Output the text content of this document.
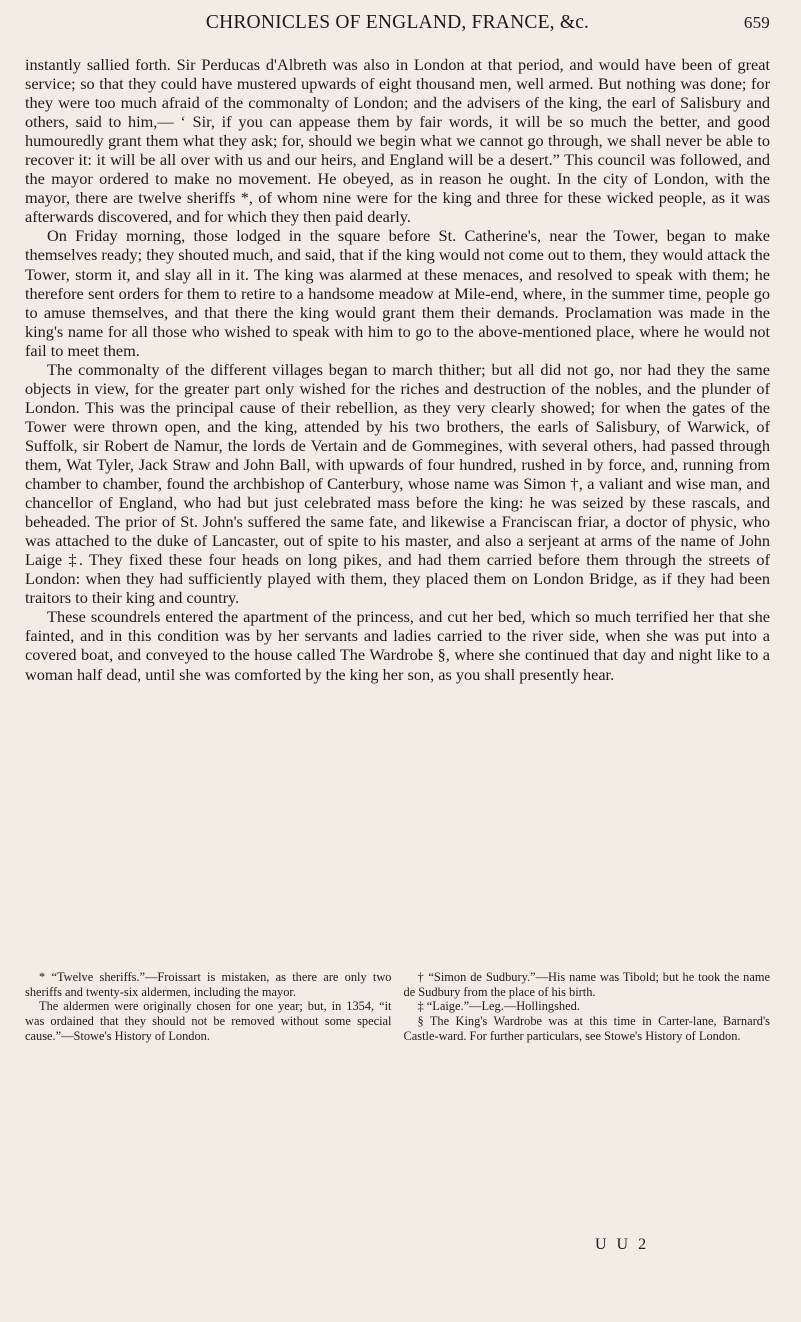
CHRONICLES OF ENGLAND, FRANCE, &c.	659

instantly sallied forth. Sir Perducas d'Albreth was also in London at that period, and would have been of great service; so that they could have mustered upwards of eight thousand men, well armed. But nothing was done; for they were too much afraid of the commonalty of London; and the advisers of the king, the earl of Salisbury and others, said to him,— ‘ Sir, if you can appease them by fair words, it will be so much the better, and good humouredly grant them what they ask; for, should we begin what we cannot go through, we shall never be able to recover it: it will be all over with us and our heirs, and England will be a desert.” This council was followed, and the mayor ordered to make no movement. He obeyed, as in reason he ought. In the city of London, with the mayor, there are twelve sheriffs *, of whom nine were for the king and three for these wicked people, as it was afterwards discovered, and for which they then paid dearly.

On Friday morning, those lodged in the square before St. Catherine's, near the Tower, began to make themselves ready; they shouted much, and said, that if the king would not come out to them, they would attack the Tower, storm it, and slay all in it. The king was alarmed at these menaces, and resolved to speak with them; he therefore sent orders for them to retire to a handsome meadow at Mile-end, where, in the summer time, people go to amuse themselves, and that there the king would grant them their demands. Proclamation was made in the king's name for all those who wished to speak with him to go to the above-mentioned place, where he would not fail to meet them.

The commonalty of the different villages began to march thither; but all did not go, nor had they the same objects in view, for the greater part only wished for the riches and destruction of the nobles, and the plunder of London. This was the principal cause of their rebellion, as they very clearly showed; for when the gates of the Tower were thrown open, and the king, attended by his two brothers, the earls of Salisbury, of Warwick, of Suffolk, sir Robert de Namur, the lords de Vertain and de Gommegines, with several others, had passed through them, Wat Tyler, Jack Straw and John Ball, with upwards of four hundred, rushed in by force, and, running from chamber to chamber, found the archbishop of Canterbury, whose name was Simon †, a valiant and wise man, and chancellor of England, who had but just celebrated mass before the king: he was seized by these rascals, and beheaded. The prior of St. John's suffered the same fate, and likewise a Franciscan friar, a doctor of physic, who was attached to the duke of Lancaster, out of spite to his master, and also a serjeant at arms of the name of John Laige ‡. They fixed these four heads on long pikes, and had them carried before them through the streets of London: when they had sufficiently played with them, they placed them on London Bridge, as if they had been traitors to their king and country.

These scoundrels entered the apartment of the princess, and cut her bed, which so much terrified her that she fainted, and in this condition was by her servants and ladies carried to the river side, when she was put into a covered boat, and conveyed to the house called The Wardrobe §, where she continued that day and night like to a woman half dead, until she was comforted by the king her son, as you shall presently hear.

* “Twelve sheriffs.”—Froissart is mistaken, as there are only two sheriffs and twenty-six aldermen, including the mayor.

The aldermen were originally chosen for one year; but, in 1354, “it was ordained that they should not be removed without some special cause.”—Stowe's History of London.

† “Simon de Sudbury.”—His name was Tibold; but he took the name de Sudbury from the place of his birth.

‡ “Laige.”—Leg.—Hollingshed.

§ The King's Wardrobe was at this time in Carter-lane, Barnard's Castle-ward. For further particulars, see Stowe's History of London.

U U 2
